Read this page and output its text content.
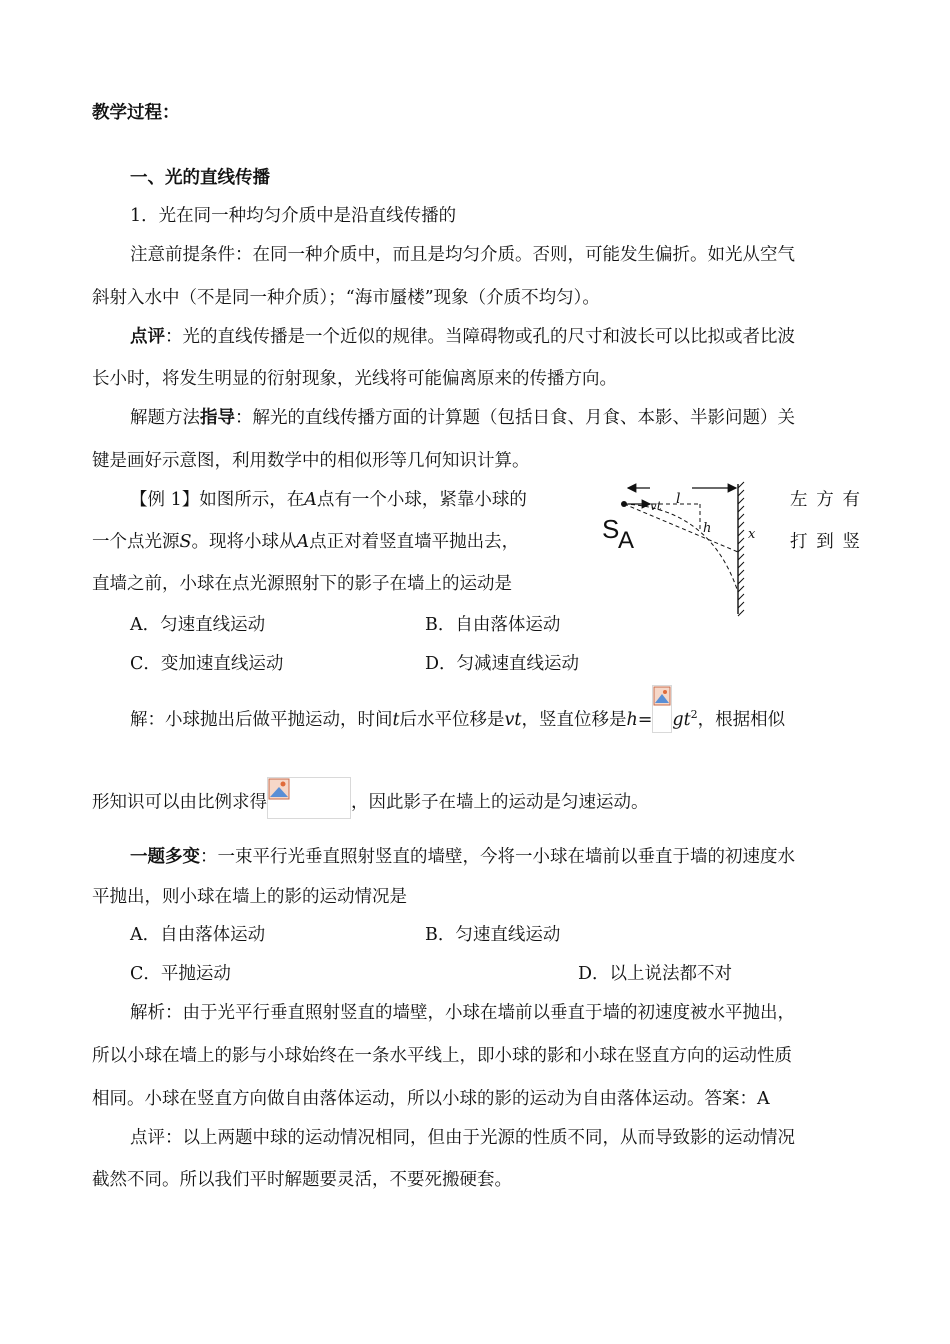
教学过程：
一、光的直线传播
1．光在同一种均匀介质中是沿直线传播的
注意前提条件：在同一种介质中，而且是均匀介质。否则，可能发生偏折。如光从空气
斜射入水中（不是同一种介质）；“海市蜃楼”现象（介质不均匀）。
点评：光的直线传播是一个近似的规律。当障碍物或孔的尺寸和波长可以比拟或者比波
长小时，将发生明显的衍射现象，光线将可能偏离原来的传播方向。
解题方法指导：解光的直线传播方面的计算题（包括日食、月食、本影、半影问题）关
键是画好示意图，利用数学中的相似形等几何知识计算。
【例 1】如图所示，在A点有一个小球，紧靠小球的	左 方 有
一个点光源S。现将小球从A点正对着竖直墙平抛出去，	打 到 竖
直墙之前，小球在点光源照射下的影子在墙上的运动是
l
vt
h	x
S
A
A．匀速直线运动	B．自由落体运动
C．变加速直线运动	D．匀减速直线运动
解：小球抛出后做平抛运动，时间t后水平位移是vt，竖直位移是$h= gt^2$，根据相似
形知识可以由比例求得	，因此影子在墙上的运动是匀速运动。
一题多变：一束平行光垂直照射竖直的墙壁，今将一小球在墙前以垂直于墙的初速度水
平抛出，则小球在墙上的影的运动情况是
A．自由落体运动	B．匀速直线运动
C．平抛运动	D．以上说法都不对
解析：由于光平行垂直照射竖直的墙壁，小球在墙前以垂直于墙的初速度被水平抛出，
所以小球在墙上的影与小球始终在一条水平线上，即小球的影和小球在竖直方向的运动性质
相同。小球在竖直方向做自由落体运动，所以小球的影的运动为自由落体运动。答案：A
点评：以上两题中球的运动情况相同，但由于光源的性质不同，从而导致影的运动情况
截然不同。所以我们平时解题要灵活，不要死搬硬套。
